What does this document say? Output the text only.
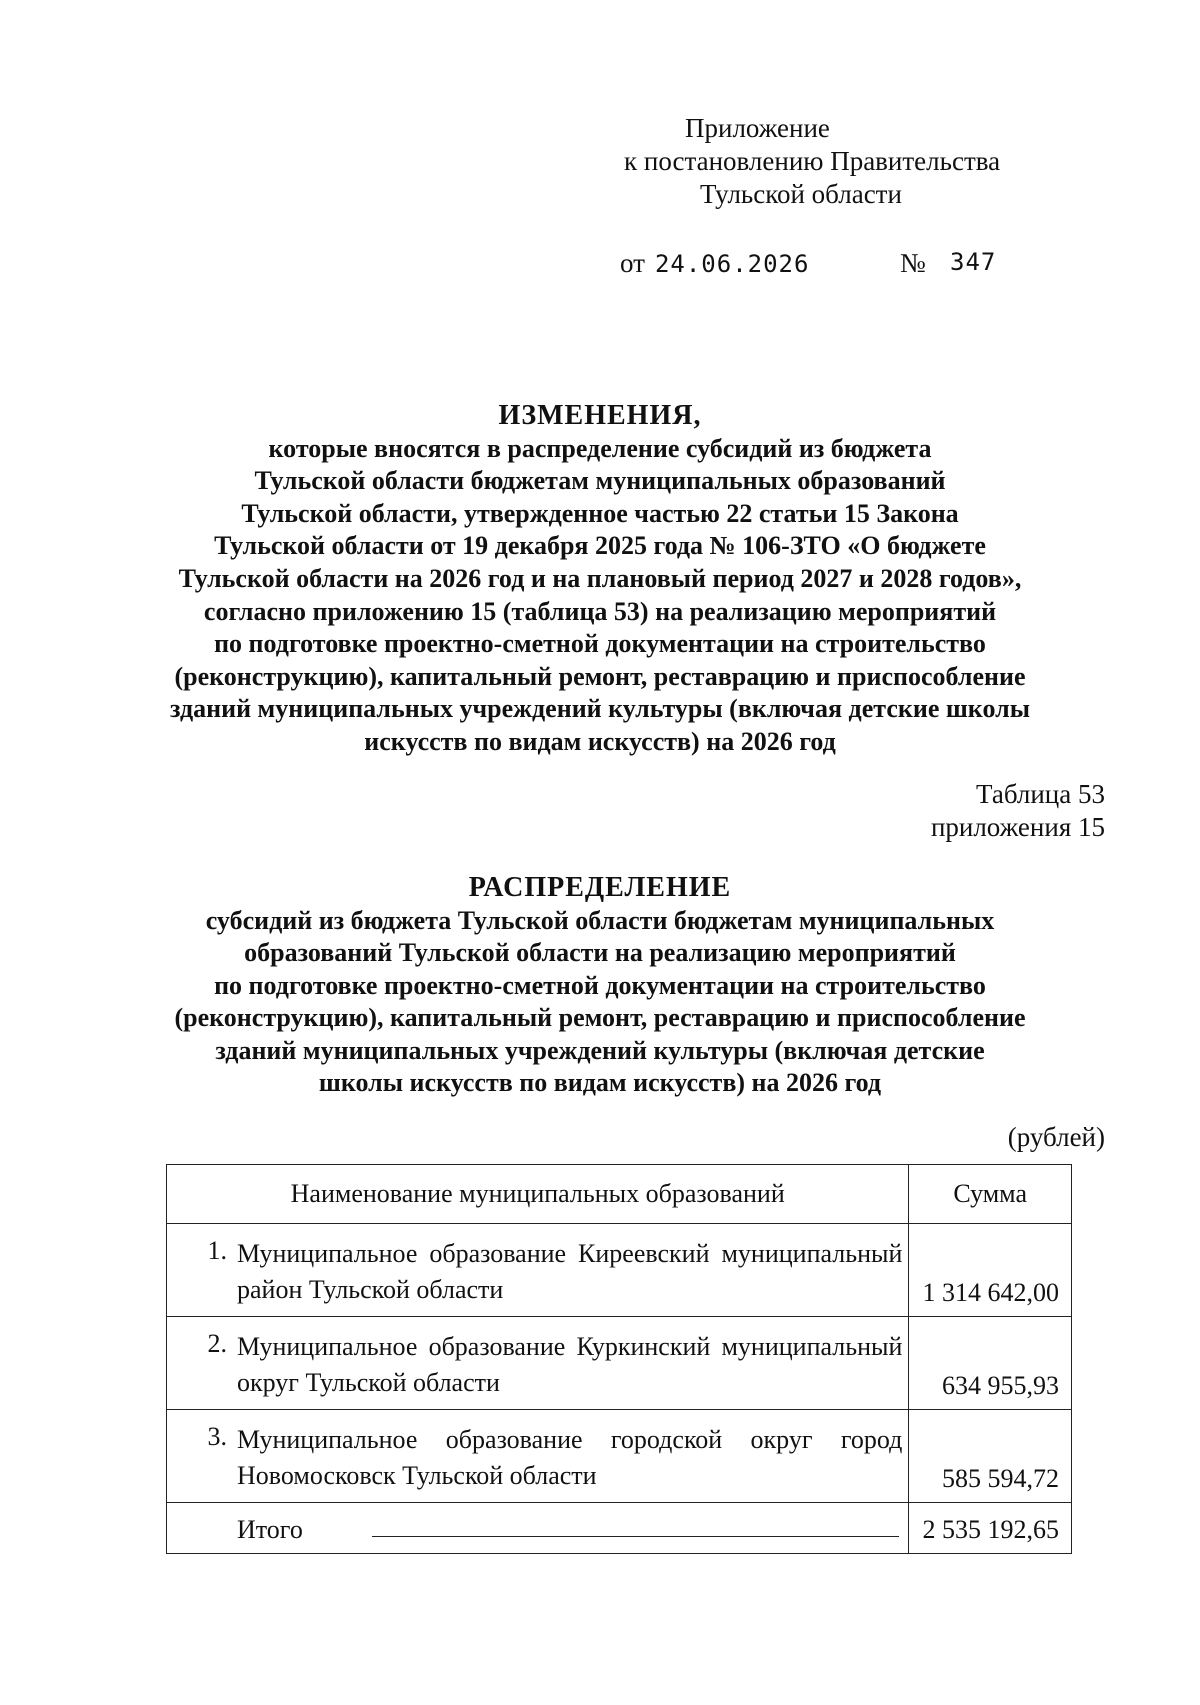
Приложение
к постановлению Правительства
Тульской области
от 24.06.2026	№ 347
ИЗМЕНЕНИЯ,
которые вносятся в распределение субсидий из бюджета
Тульской области бюджетам муниципальных образований
Тульской области, утвержденное частью 22 статьи 15 Закона
Тульской области от 19 декабря 2025 года № 106-ЗТО «О бюджете
Тульской области на 2026 год и на плановый период 2027 и 2028 годов»,
согласно приложению 15 (таблица 53) на реализацию мероприятий
по подготовке проектно-сметной документации на строительство
(реконструкцию), капитальный ремонт, реставрацию и приспособление
зданий муниципальных учреждений культуры (включая детские школы
искусств по видам искусств) на 2026 год
Таблица 53
приложения 15
РАСПРЕДЕЛЕНИЕ
субсидий из бюджета Тульской области бюджетам муниципальных
образований Тульской области на реализацию мероприятий
по подготовке проектно-сметной документации на строительство
(реконструкцию), капитальный ремонт, реставрацию и приспособление
зданий муниципальных учреждений культуры (включая детские
школы искусств по видам искусств) на 2026 год
(рублей)
Наименование муниципальных образований	Сумма

1. Муниципальное образование Киреевский муниципальный район Тульской области	1 314 642,00

2. Муниципальное образование Куркинский муниципальный округ Тульской области	634 955,93

3. Муниципальное образование городской округ город Новомосковск Тульской области	585 594,72

Итого	2 535 192,65
